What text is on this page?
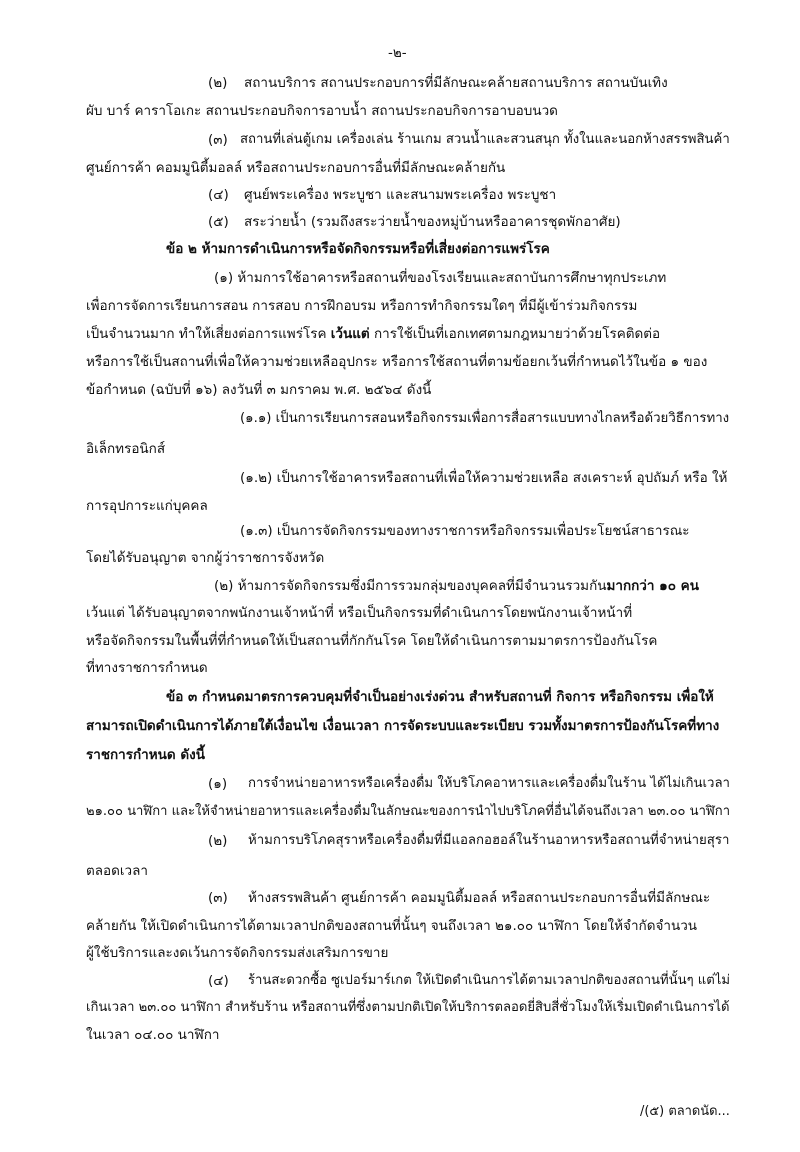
-๒-
(๒) สถานบริการ สถานประกอบการที่มีลักษณะคล้ายสถานบริการ สถานบันเทิง
ผับ บาร์ คาราโอเกะ สถานประกอบกิจการอาบน้ำ สถานประกอบกิจการอาบอบนวด
(๓) สถานที่เล่นตู้เกม เครื่องเล่น ร้านเกม สวนน้ำและสวนสนุก ทั้งในและนอกห้างสรรพสินค้า
ศูนย์การค้า คอมมูนิตี้มอลล์ หรือสถานประกอบการอื่นที่มีลักษณะคล้ายกัน
(๔) ศูนย์พระเครื่อง พระบูชา และสนามพระเครื่อง พระบูชา
(๕) สระว่ายน้ำ (รวมถึงสระว่ายน้ำของหมู่บ้านหรืออาคารชุดพักอาศัย)
ข้อ ๒ ห้ามการดำเนินการหรือจัดกิจกรรมหรือที่เสี่ยงต่อการแพร่โรค
(๑) ห้ามการใช้อาคารหรือสถานที่ของโรงเรียนและสถาบันการศึกษาทุกประเภท
เพื่อการจัดการเรียนการสอน การสอบ การฝึกอบรม หรือการทำกิจกรรมใดๆ ที่มีผู้เข้าร่วมกิจกรรม
เป็นจำนวนมาก ทำให้เสี่ยงต่อการแพร่โรค เว้นแต่ การใช้เป็นที่เอกเทศตามกฎหมายว่าด้วยโรคติดต่อ
หรือการใช้เป็นสถานที่เพื่อให้ความช่วยเหลืออุปกระ หรือการใช้สถานที่ตามข้อยกเว้นที่กำหนดไว้ในข้อ ๑ ของ
ข้อกำหนด (ฉบับที่ ๑๖) ลงวันที่ ๓ มกราคม พ.ศ. ๒๕๖๔ ดังนี้
(๑.๑) เป็นการเรียนการสอนหรือกิจกรรมเพื่อการสื่อสารแบบทางไกลหรือด้วยวิธีการทาง
อิเล็กทรอนิกส์
(๑.๒) เป็นการใช้อาคารหรือสถานที่เพื่อให้ความช่วยเหลือ สงเคราะห์ อุปถัมภ์ หรือ ให้
การอุปการะแก่บุคคล
(๑.๓) เป็นการจัดกิจกรรมของทางราชการหรือกิจกรรมเพื่อประโยชน์สาธารณะ
โดยได้รับอนุญาต จากผู้ว่าราชการจังหวัด
(๒) ห้ามการจัดกิจกรรมซึ่งมีการรวมกลุ่มของบุคคลที่มีจำนวนรวมกันมากกว่า ๑๐ คน
เว้นแต่ ได้รับอนุญาตจากพนักงานเจ้าหน้าที่ หรือเป็นกิจกรรมที่ดำเนินการโดยพนักงานเจ้าหน้าที่
หรือจัดกิจกรรมในพื้นที่ที่กำหนดให้เป็นสถานที่กักกันโรค โดยให้ดำเนินการตามมาตรการป้องกันโรค
ที่ทางราชการกำหนด
ข้อ ๓ กำหนดมาตรการควบคุมที่จำเป็นอย่างเร่งด่วน สำหรับสถานที่ กิจการ หรือกิจกรรม เพื่อให้
สามารถเปิดดำเนินการได้ภายใต้เงื่อนไข เงื่อนเวลา การจัดระบบและระเบียบ รวมทั้งมาตรการป้องกันโรคที่ทาง
ราชการกำหนด ดังนี้
(๑) การจำหน่ายอาหารหรือเครื่องดื่ม ให้บริโภคอาหารและเครื่องดื่มในร้าน ได้ไม่เกินเวลา
๒๑.๐๐ นาฬิกา และให้จำหน่ายอาหารและเครื่องดื่มในลักษณะของการนำไปบริโภคที่อื่นได้จนถึงเวลา ๒๓.๐๐ นาฬิกา
(๒) ห้ามการบริโภคสุราหรือเครื่องดื่มที่มีแอลกอฮอล์ในร้านอาหารหรือสถานที่จำหน่ายสุรา
ตลอดเวลา
(๓) ห้างสรรพสินค้า ศูนย์การค้า คอมมูนิตี้มอลล์ หรือสถานประกอบการอื่นที่มีลักษณะ
คล้ายกัน ให้เปิดดำเนินการได้ตามเวลาปกติของสถานที่นั้นๆ จนถึงเวลา ๒๑.๐๐ นาฬิกา โดยให้จำกัดจำนวน
ผู้ใช้บริการและงดเว้นการจัดกิจกรรมส่งเสริมการขาย
(๔) ร้านสะดวกซื้อ ซูเปอร์มาร์เกต ให้เปิดดำเนินการได้ตามเวลาปกติของสถานที่นั้นๆ แต่ไม่
เกินเวลา ๒๓.๐๐ นาฬิกา สำหรับร้าน หรือสถานที่ซึ่งตามปกติเปิดให้บริการตลอดยี่สิบสี่ชั่วโมงให้เริ่มเปิดดำเนินการได้
ในเวลา ๐๔.๐๐ นาฬิกา
/(๕) ตลาดนัด...
